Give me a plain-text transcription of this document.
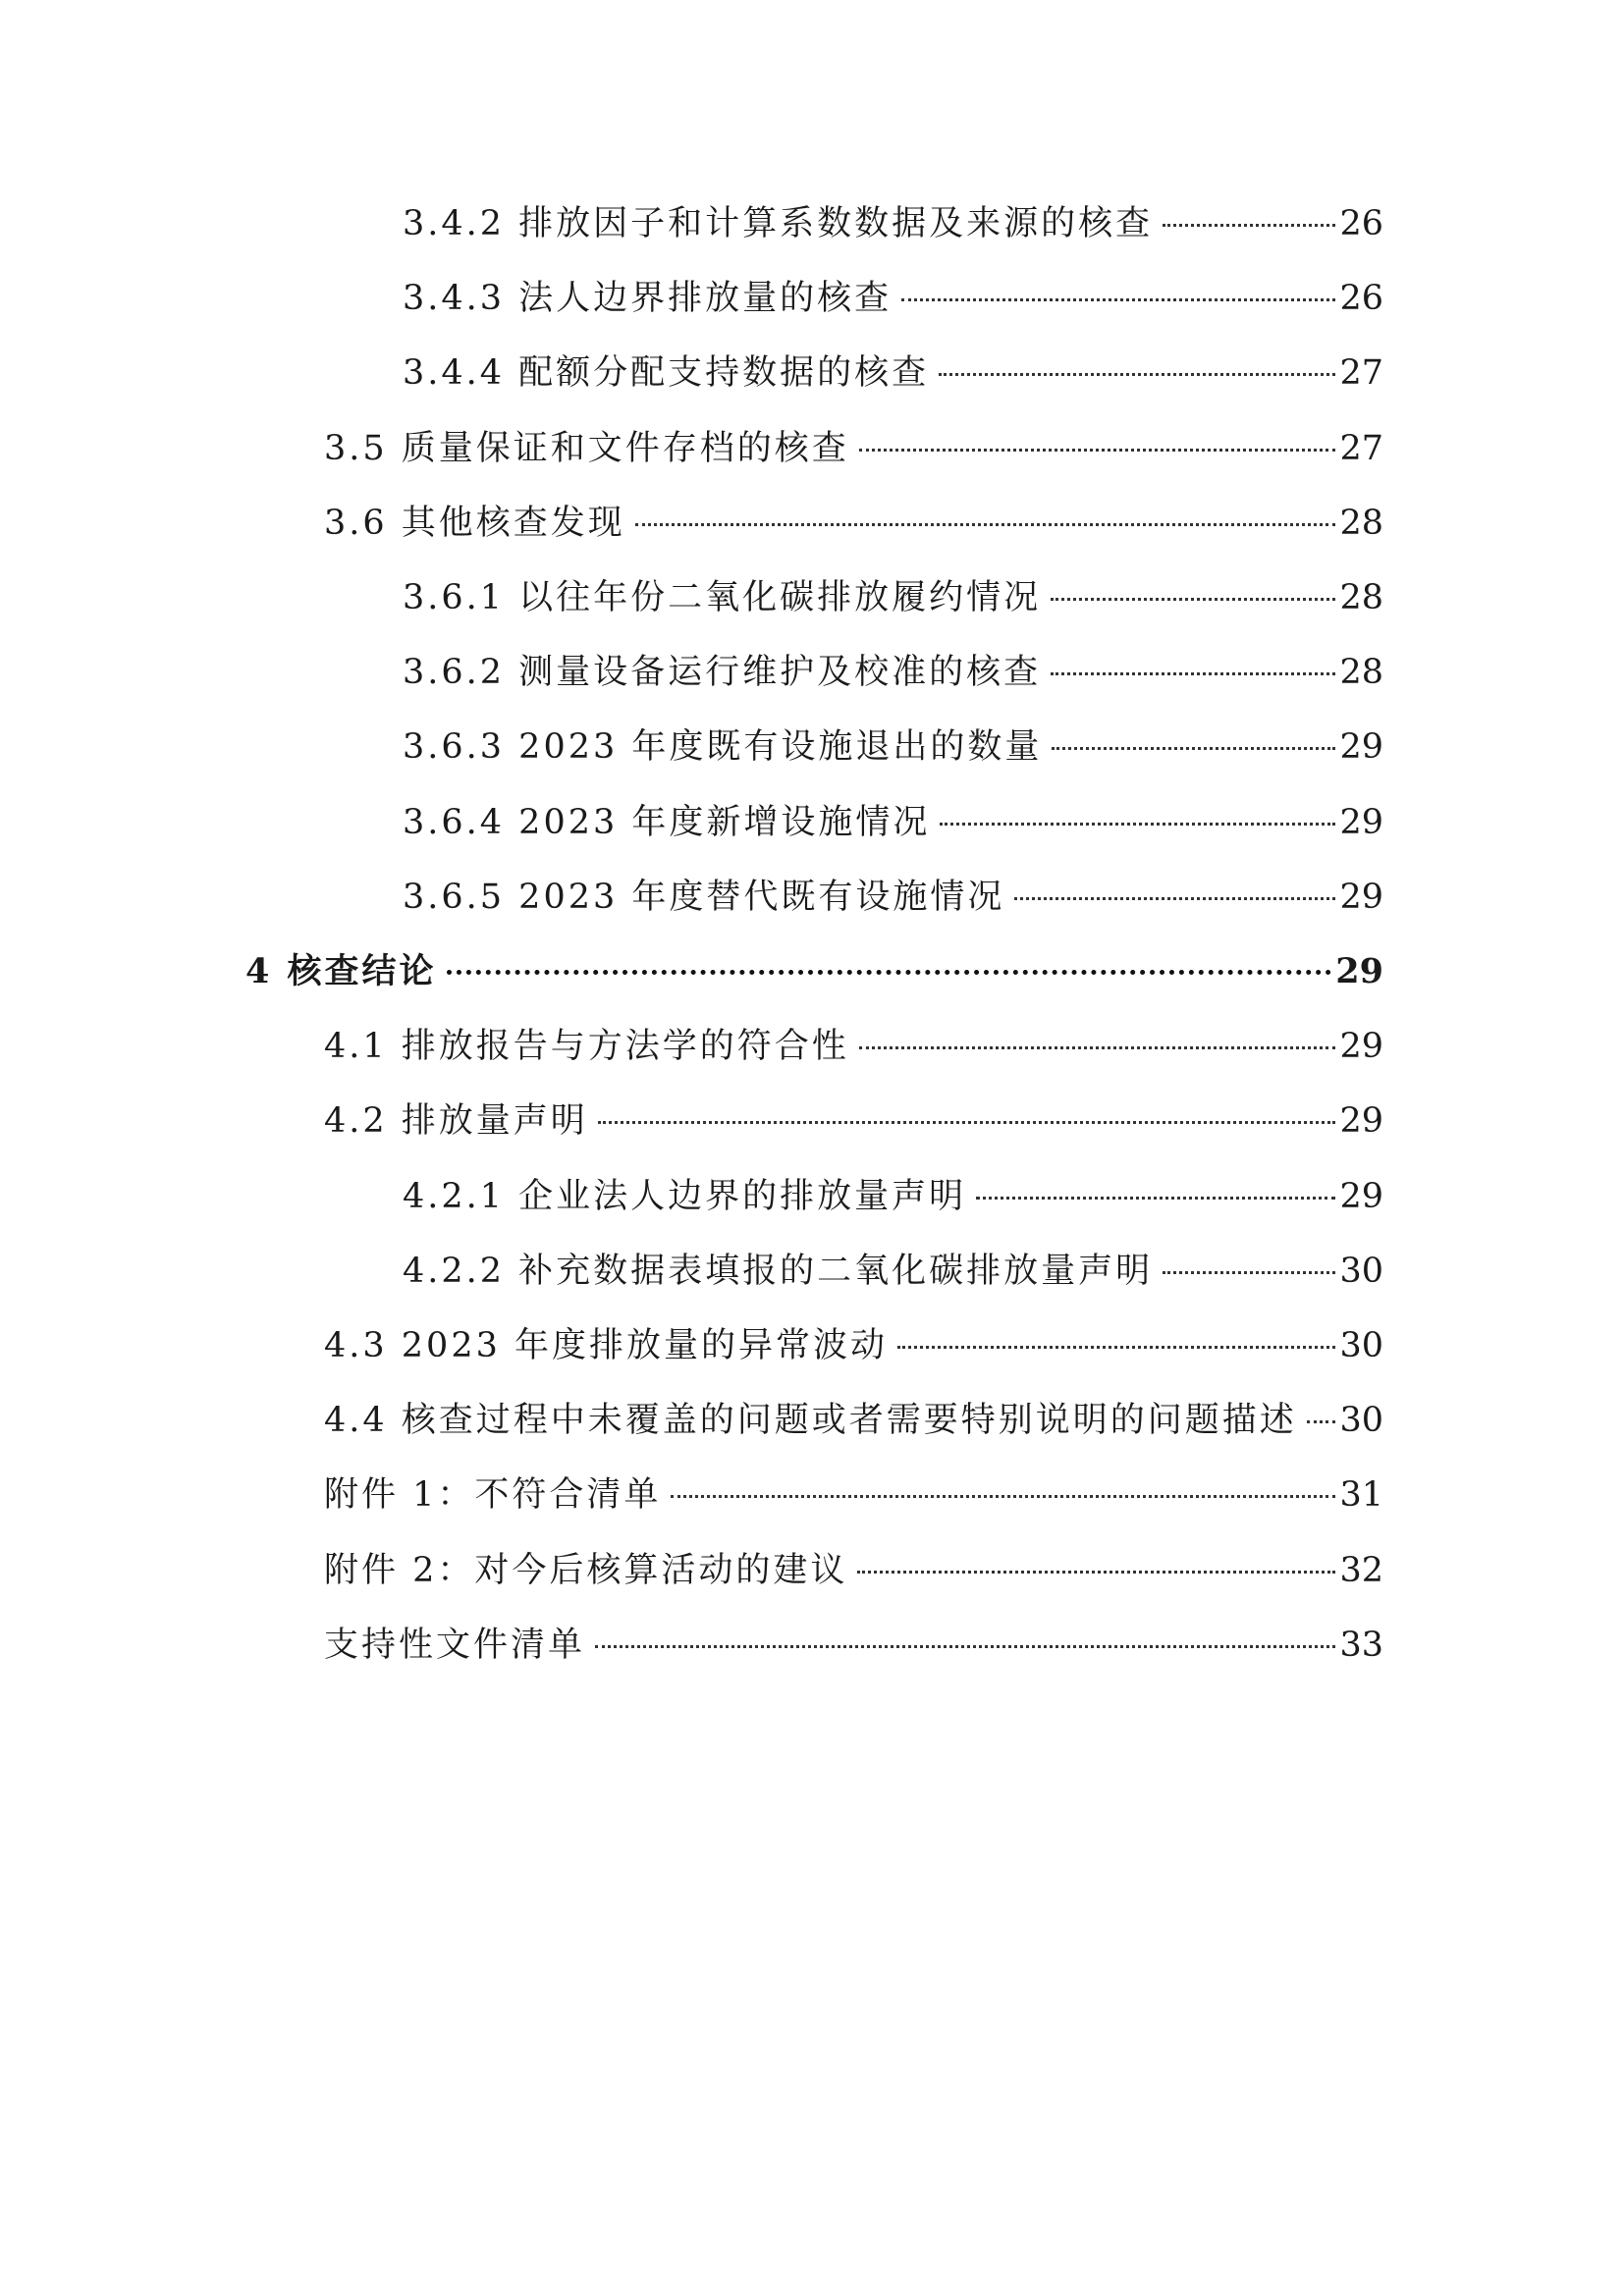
3.4.2 排放因子和计算系数数据及来源的核查	26
3.4.3 法人边界排放量的核查	26
3.4.4 配额分配支持数据的核查	27
3.5 质量保证和文件存档的核查	27
3.6 其他核查发现	28
3.6.1 以往年份二氧化碳排放履约情况	28
3.6.2 测量设备运行维护及校准的核查	28
3.6.3 2023 年度既有设施退出的数量	29
3.6.4 2023 年度新增设施情况	29
3.6.5 2023 年度替代既有设施情况	29
4 核查结论	29
4.1 排放报告与方法学的符合性	29
4.2 排放量声明	29
4.2.1 企业法人边界的排放量声明	29
4.2.2 补充数据表填报的二氧化碳排放量声明	30
4.3 2023 年度排放量的异常波动	30
4.4 核查过程中未覆盖的问题或者需要特别说明的问题描述 30
附件 1：不符合清单	31
附件 2：对今后核算活动的建议	32
支持性文件清单	33
